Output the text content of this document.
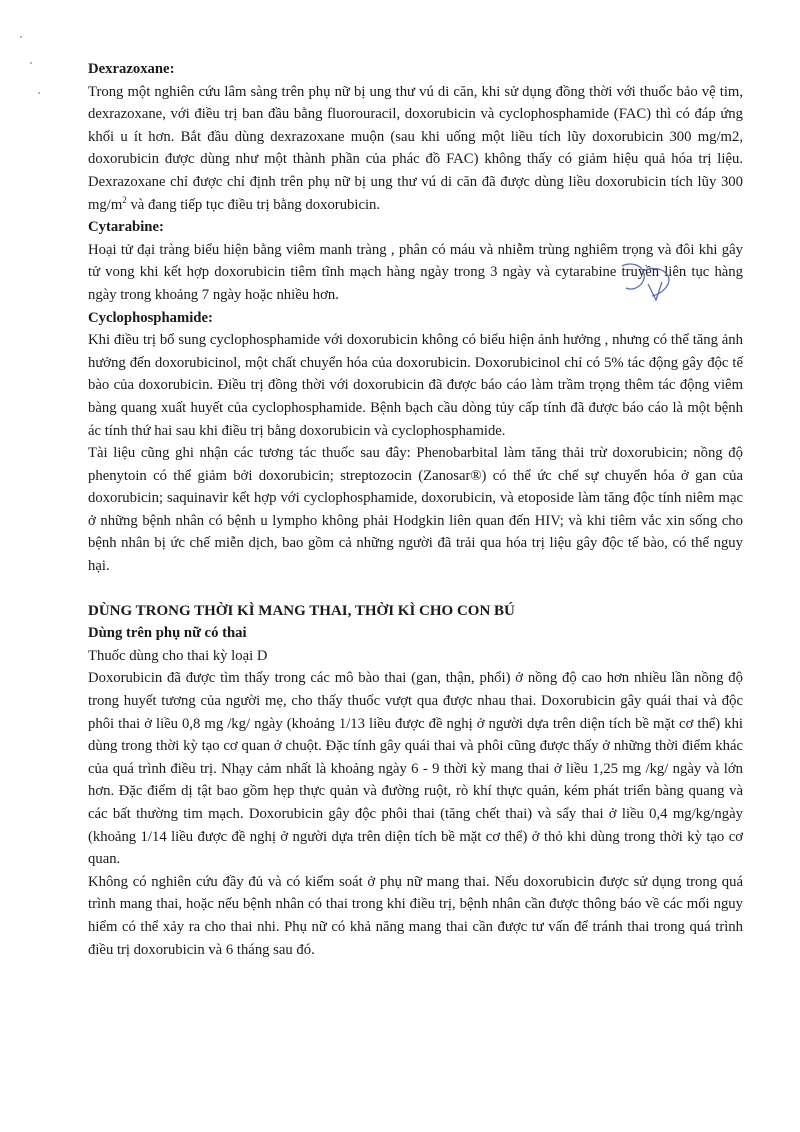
Dexrazoxane:

Trong một nghiên cứu lâm sàng trên phụ nữ bị ung thư vú di căn, khi sử dụng đồng thời với thuốc bảo vệ tim, dexrazoxane, với điều trị ban đầu bằng fluorouracil, doxorubicin và cyclophosphamide (FAC) thì có đáp ứng khối u ít hơn. Bắt đầu dùng dexrazoxane muộn (sau khi uống một liều tích lũy doxorubicin 300 mg/m2, doxorubicin được dùng như một thành phần của phác đồ FAC) không thấy có giảm hiệu quả hóa trị liệu. Dexrazoxane chỉ được chỉ định trên phụ nữ bị ung thư vú di căn đã được dùng liều doxorubicin tích lũy 300 $mg/m^2$ và đang tiếp tục điều trị bằng doxorubicin.

Cytarabine:

Hoại tử đại tràng biểu hiện bằng viêm manh tràng , phân có máu và nhiễm trùng nghiêm trọng và đôi khi gây tử vong khi kết hợp doxorubicin tiêm tĩnh mạch hàng ngày trong 3 ngày và cytarabine truyền liên tục hàng ngày trong khoảng 7 ngày hoặc nhiều hơn.

Cyclophosphamide:

Khi điều trị bổ sung cyclophosphamide với doxorubicin không có biểu hiện ảnh hưởng , nhưng có thể tăng ảnh hưởng đến doxorubicinol, một chất chuyển hóa của doxorubicin. Doxorubicinol chỉ có 5% tác động gây độc tế bào của doxorubicin. Điều trị đồng thời với doxorubicin đã được báo cáo làm trầm trọng thêm tác động viêm bàng quang xuất huyết của cyclophosphamide. Bệnh bạch cầu dòng tủy cấp tính đã được báo cáo là một bệnh ác tính thứ hai sau khi điều trị bằng doxorubicin và cyclophosphamide.

Tài liệu cũng ghi nhận các tương tác thuốc sau đây: Phenobarbital làm tăng thải trừ doxorubicin; nồng độ phenytoin có thể giảm bởi doxorubicin; streptozocin (Zanosar®) có thể ức chế sự chuyển hóa ở gan của doxorubicin; saquinavir kết hợp với cyclophosphamide, doxorubicin, và etoposide làm tăng độc tính niêm mạc ở những bệnh nhân có bệnh u lympho không phải Hodgkin liên quan đến HIV; và khi tiêm vắc xin sống cho bệnh nhân bị ức chế miễn dịch, bao gồm cả những người đã trải qua hóa trị liệu gây độc tế bào, có thể nguy hại.

DÙNG TRONG THỜI KÌ MANG THAI, THỜI KÌ CHO CON BÚ

Dùng trên phụ nữ có thai

Thuốc dùng cho thai kỳ loại D

Doxorubicin đã được tìm thấy trong các mô bào thai (gan, thận, phổi) ở nồng độ cao hơn nhiều lần nồng độ trong huyết tương của người mẹ, cho thấy thuốc vượt qua được nhau thai. Doxorubicin gây quái thai và độc phôi thai ở liều 0,8 mg /kg/ ngày (khoảng 1/13 liều được đề nghị ở người dựa trên diện tích bề mặt cơ thể) khi dùng trong thời kỳ tạo cơ quan ở chuột. Đặc tính gây quái thai và phôi cũng được thấy ở những thời điểm khác của quá trình điều trị. Nhạy cảm nhất là khoảng ngày 6 - 9 thời kỳ mang thai ở liều 1,25 mg /kg/ ngày và lớn hơn. Đặc điểm dị tật bao gồm hẹp thực quản và đường ruột, rò khí thực quản, kém phát triển bàng quang và các bất thường tim mạch. Doxorubicin gây độc phôi thai (tăng chết thai) và sẩy thai ở liều 0,4 mg/kg/ngày (khoảng 1/14 liều được đề nghị ở người dựa trên diện tích bề mặt cơ thể) ở thỏ khi dùng trong thời kỳ tạo cơ quan.

Không có nghiên cứu đầy đủ và có kiểm soát ở phụ nữ mang thai. Nếu doxorubicin được sử dụng trong quá trình mang thai, hoặc nếu bệnh nhân có thai trong khi điều trị, bệnh nhân cần được thông báo về các mối nguy hiểm có thể xảy ra cho thai nhi. Phụ nữ có khả năng mang thai cần được tư vấn để tránh thai trong quá trình điều trị doxorubicin và 6 tháng sau đó.
